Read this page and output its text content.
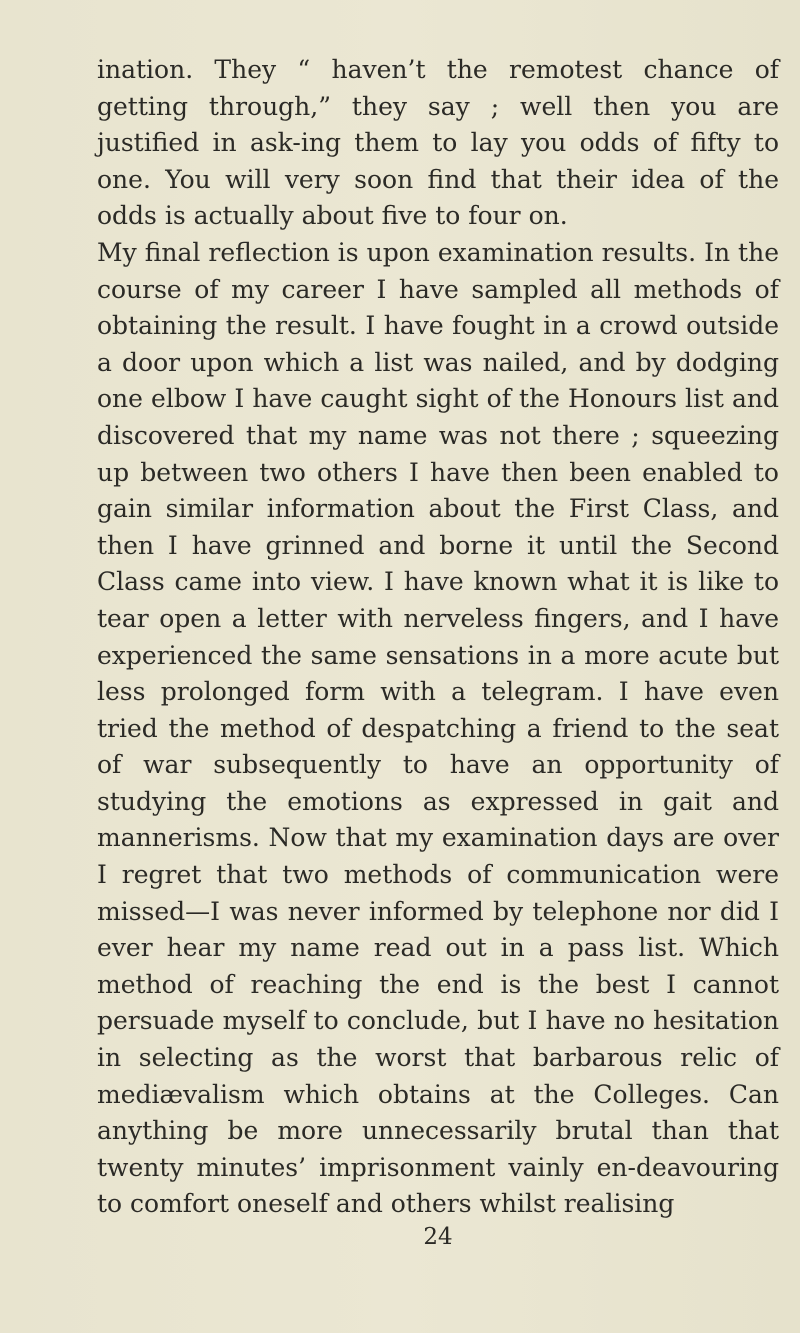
ination. They “ haven’t the remotest chance of getting through,” they say ; well then you are justified in ask-ing them to lay you odds of fifty to one. You will very soon find that their idea of the odds is actually about five to four on.

My final reflection is upon examination results. In the course of my career I have sampled all methods of obtaining the result. I have fought in a crowd outside a door upon which a list was nailed, and by dodging one elbow I have caught sight of the Honours list and discovered that my name was not there ; squeezing up between two others I have then been enabled to gain similar information about the First Class, and then I have grinned and borne it until the Second Class came into view. I have known what it is like to tear open a letter with nerveless fingers, and I have experienced the same sensations in a more acute but less prolonged form with a telegram. I have even tried the method of despatching a friend to the seat of war subsequently to have an opportunity of studying the emotions as expressed in gait and mannerisms. Now that my examination days are over I regret that two methods of communication were missed—I was never informed by telephone nor did I ever hear my name read out in a pass list. Which method of reaching the end is the best I cannot persuade myself to conclude, but I have no hesitation in selecting as the worst that barbarous relic of mediævalism which obtains at the Colleges. Can anything be more unnecessarily brutal than that twenty minutes’ imprisonment vainly en-deavouring to comfort oneself and others whilst realising

24
